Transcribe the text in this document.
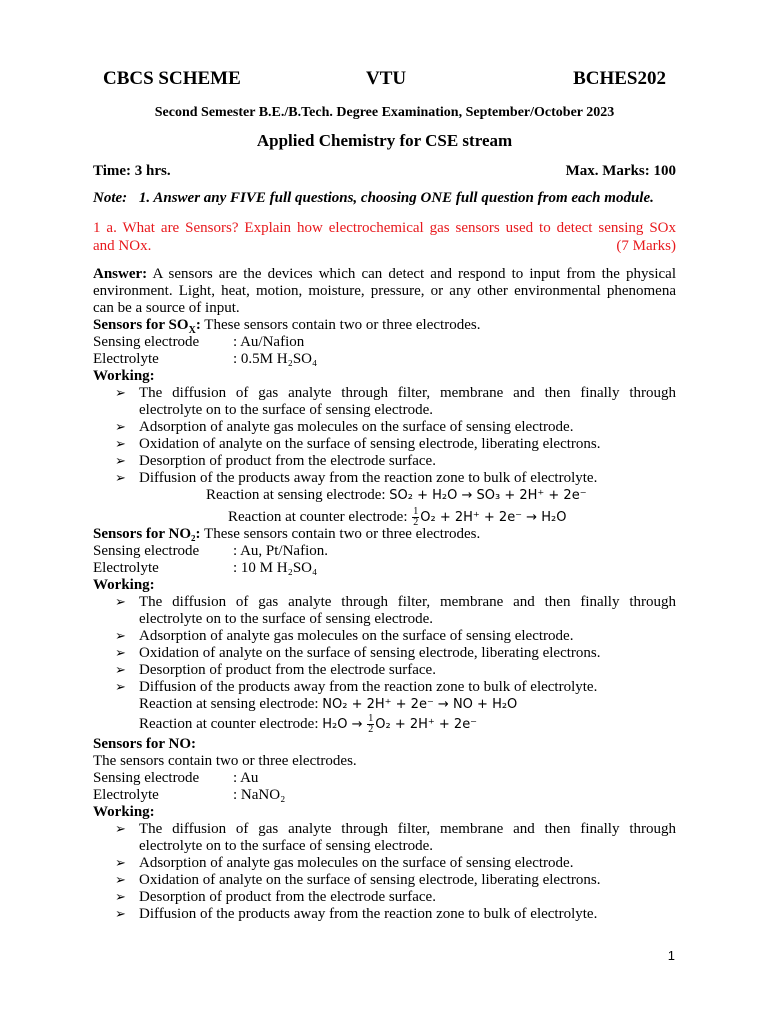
CBCS SCHEME	VTU	BCHES202
Second Semester B.E./B.Tech. Degree Examination, September/October 2023
Applied Chemistry for CSE stream
Time: 3 hrs.	Max. Marks: 100
Note: 1. Answer any FIVE full questions, choosing ONE full question from each module.
1 a. What are Sensors? Explain how electrochemical gas sensors used to detect sensing SOx
and NOx.	(7 Marks)
Answer: A sensors are the devices which can detect and respond to input from the physical
environment. Light, heat, motion, moisture, pressure, or any other environmental phenomena
can be a source of input.
Sensors for $SO_X$: These sensors contain two or three electrodes.
Sensing electrode : Au/Nafion
Electrolyte	: 0.5M H₂SO₄
Working:
➢ The diffusion of gas analyte through filter, membrane and then finally through
electrolyte on to the surface of sensing electrode.
➢ Adsorption of analyte gas molecules on the surface of sensing electrode.
➢ Oxidation of analyte on the surface of sensing electrode, liberating electrons.
➢ Desorption of product from the electrode surface.
➢ Diffusion of the products away from the reaction zone to bulk of electrolyte.
Reaction at sensing electrode: SO₂ + H₂O → SO₃ + 2H⁺ + 2e⁻
Reaction at counter electrode: $\frac{1}{2} O_2 + 2H^+ + 2e^- \to H_2O$
Sensors for NO₂: These sensors contain two or three electrodes.
Sensing electrode : Au, Pt/Nafion.
Electrolyte	: 10 M H₂SO₄
Working:
➢ The diffusion of gas analyte through filter, membrane and then finally through
electrolyte on to the surface of sensing electrode.
➢ Adsorption of analyte gas molecules on the surface of sensing electrode.
➢ Oxidation of analyte on the surface of sensing electrode, liberating electrons.
➢ Desorption of product from the electrode surface.
➢ Diffusion of the products away from the reaction zone to bulk of electrolyte.
Reaction at sensing electrode: NO₂ + 2H⁺ + 2e⁻ → NO + H₂O
Reaction at counter electrode: $H_2O \to \frac{1}{2} O_2 + 2H^+ + 2e^-$
Sensors for NO:
The sensors contain two or three electrodes.
Sensing electrode : Au
Electrolyte	: NaNO₂
Working:
➢ The diffusion of gas analyte through filter, membrane and then finally through
electrolyte on to the surface of sensing electrode.
➢ Adsorption of analyte gas molecules on the surface of sensing electrode.
➢ Oxidation of analyte on the surface of sensing electrode, liberating electrons.
➢ Desorption of product from the electrode surface.
➢ Diffusion of the products away from the reaction zone to bulk of electrolyte.
1
